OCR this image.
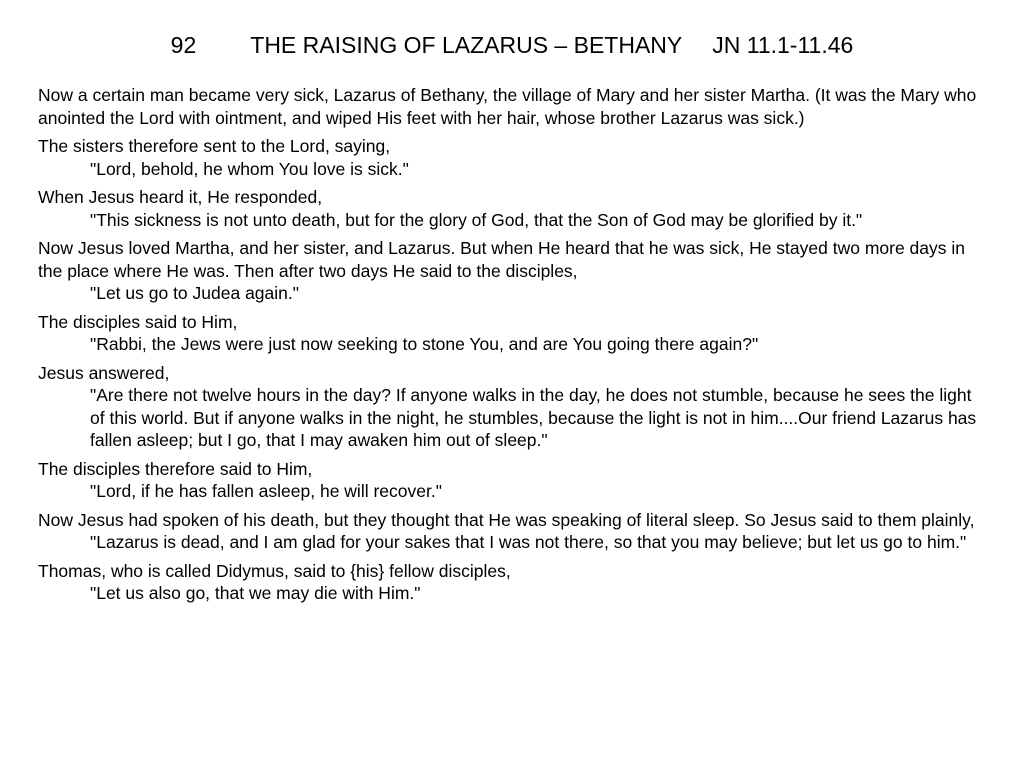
92 THE RAISING OF LAZARUS – BETHANY JN 11.1-11.46
Now a certain man became very sick, Lazarus of Bethany, the village of Mary and her sister Martha. (It was the Mary who anointed the Lord with ointment, and wiped His feet with her hair, whose brother Lazarus was sick.)
The sisters therefore sent to the Lord, saying,
"Lord, behold, he whom You love is sick."
When Jesus heard it, He responded,
"This sickness is not unto death, but for the glory of God, that the Son of God may be glorified by it."
Now Jesus loved Martha, and her sister, and Lazarus. But when He heard that he was sick, He stayed two more days in the place where He was. Then after two days He said to the disciples,
"Let us go to Judea again."
The disciples said to Him,
"Rabbi, the Jews were just now seeking to stone You, and are You going there again?"
Jesus answered,
"Are there not twelve hours in the day? If anyone walks in the day, he does not stumble, because he sees the light of this world. But if anyone walks in the night, he stumbles, because the light is not in him....Our friend Lazarus has fallen asleep; but I go, that I may awaken him out of sleep."
The disciples therefore said to Him,
"Lord, if he has fallen asleep, he will recover."
Now Jesus had spoken of his death, but they thought that He was speaking of literal sleep. So Jesus said to them plainly,
"Lazarus is dead, and I am glad for your sakes that I was not there, so that you may believe; but let us go to him."
Thomas, who is called Didymus, said to {his} fellow disciples,
"Let us also go, that we may die with Him."
